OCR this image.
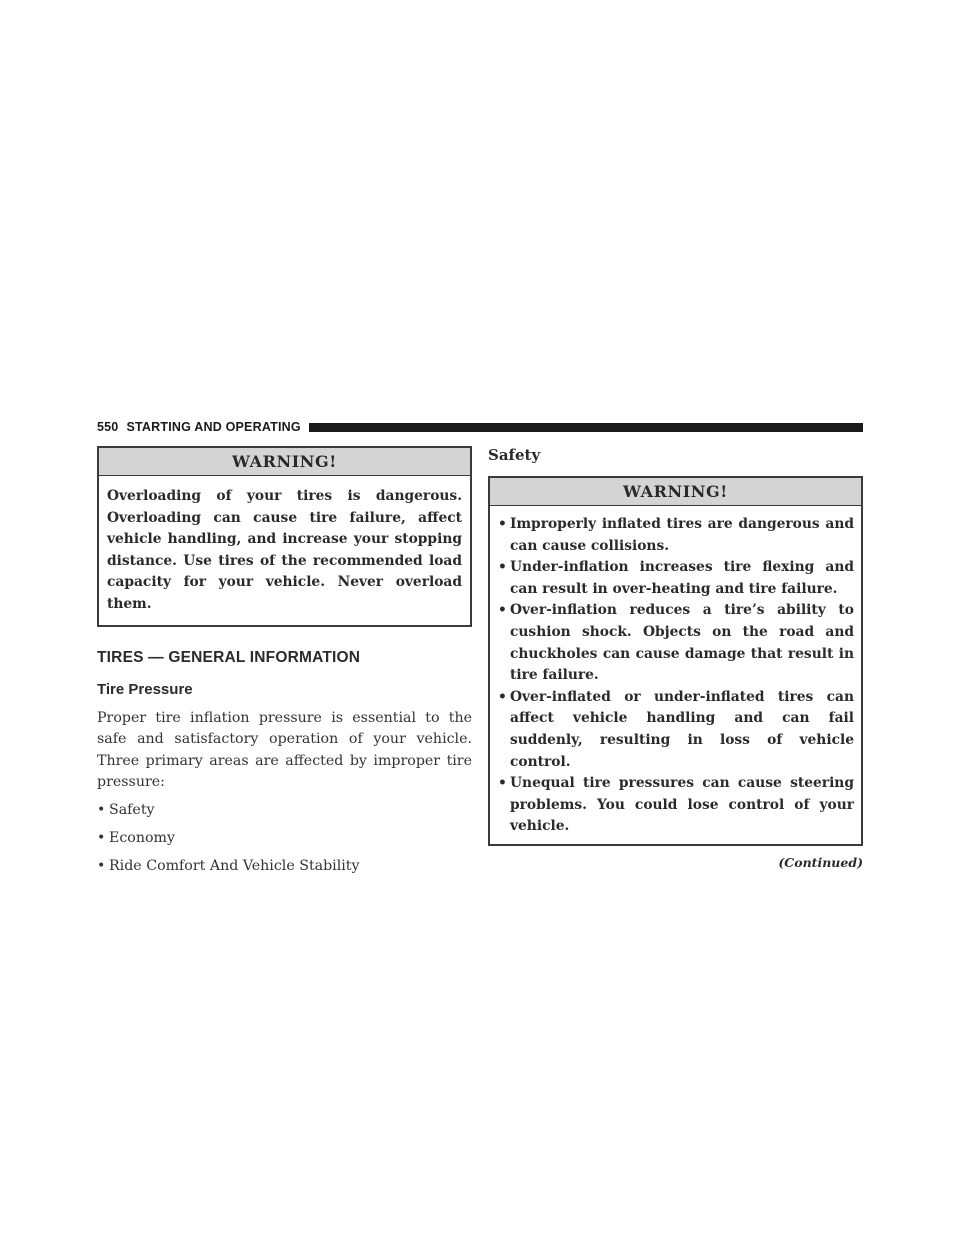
550 STARTING AND OPERATING
WARNING!
Overloading of your tires is dangerous. Overloading can cause tire failure, affect vehicle handling, and increase your stopping distance. Use tires of the recommended load capacity for your vehicle. Never overload them.
TIRES — GENERAL INFORMATION
Tire Pressure

Proper tire inflation pressure is essential to the safe and satisfactory operation of your vehicle. Three primary areas are affected by improper tire pressure:

• Safety
• Economy
• Ride Comfort And Vehicle Stability
Safety
WARNING!
• Improperly inflated tires are dangerous and can cause collisions.
• Under-inflation increases tire flexing and can result in over-heating and tire failure.
• Over-inflation reduces a tire’s ability to cushion shock. Objects on the road and chuckholes can cause damage that result in tire failure.
• Over-inflated or under-inflated tires can affect vehicle handling and can fail suddenly, resulting in loss of vehicle control.
• Unequal tire pressures can cause steering problems. You could lose control of your vehicle.
(Continued)
